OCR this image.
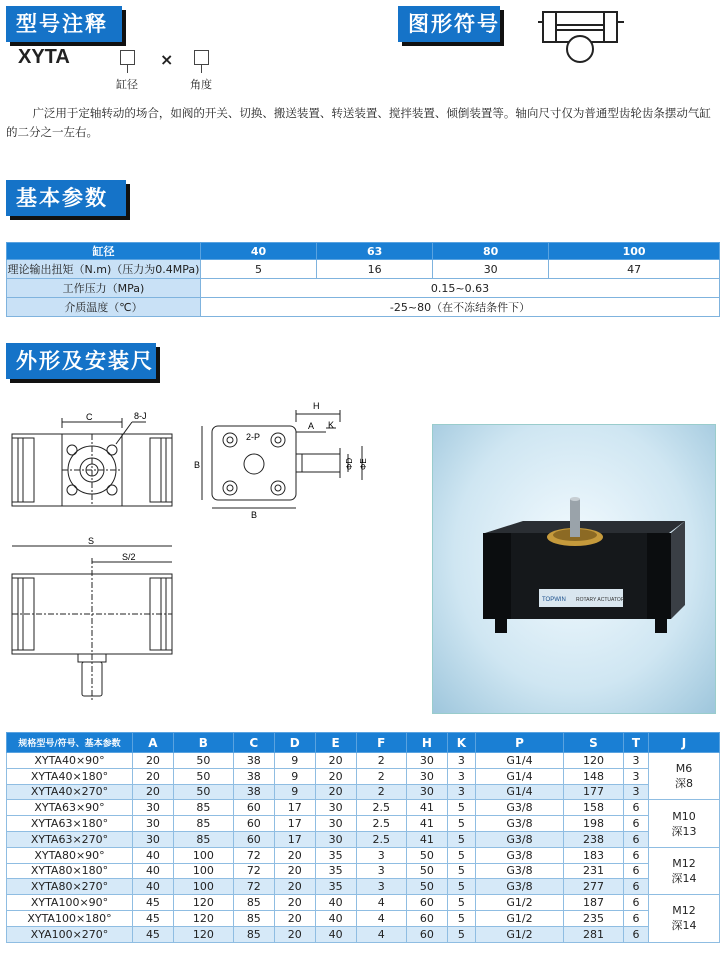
型号注释	图形符号
基本参数
外形及安装尺表
XYTA	×
缸径	角度
广泛用于定轴转动的场合，如阀的开关、切换、搬送装置、转送装置、搅拌装置、倾倒装置等。轴向尺寸仅为普通型齿轮齿条摆动气缸的二分之一左右。
缸径	40	63	80	100
理论输出扭矩（N.m)（压力为0.4MPa)	5	16	30	47
工作压力（MPa)	0.15~0.63			
介质温度（℃）	-25~80（在不冻结条件下）			
C	8-J
H
A K
B
B
2-P
ΦD ΦE
S
S/2
TOPWIN ROTARY ACTUATOR
规格型号/符号、基本参数	A	B	C	D	E	F	H	K	P	S	T	J
XYTA40×90°	20	50	38	9	20	2	30	3	G1/4	120	3	M6
深8

XYTA40×180°	20	50	38	9	20	2	30	3	G1/4	148	3	
XYTA40×270°	20	50	38	9	20	2	30	3	G1/4	177	3	
XYTA63×90°	30	85	60	17	30	2.5	41	5	G3/8	158	6	M10
深13

XYTA63×180°	30	85	60	17	30	2.5	41	5	G3/8	198	6	
XYTA63×270°	30	85	60	17	30	2.5	41	5	G3/8	238	6	
XYTA80×90°	40	100	72	20	35	3	50	5	G3/8	183	6	M12
深14

XYTA80×180°	40	100	72	20	35	3	50	5	G3/8	231	6	
XYTA80×270°	40	100	72	20	35	3	50	5	G3/8	277	6	
XYTA100×90°	45	120	85	20	40	4	60	5	G1/2	187	6	M12
深14

XYTA100×180°	45	120	85	20	40	4	60	5	G1/2	235	6	
XYA100×270°	45	120	85	20	40	4	60	5	G1/2	281	6	
